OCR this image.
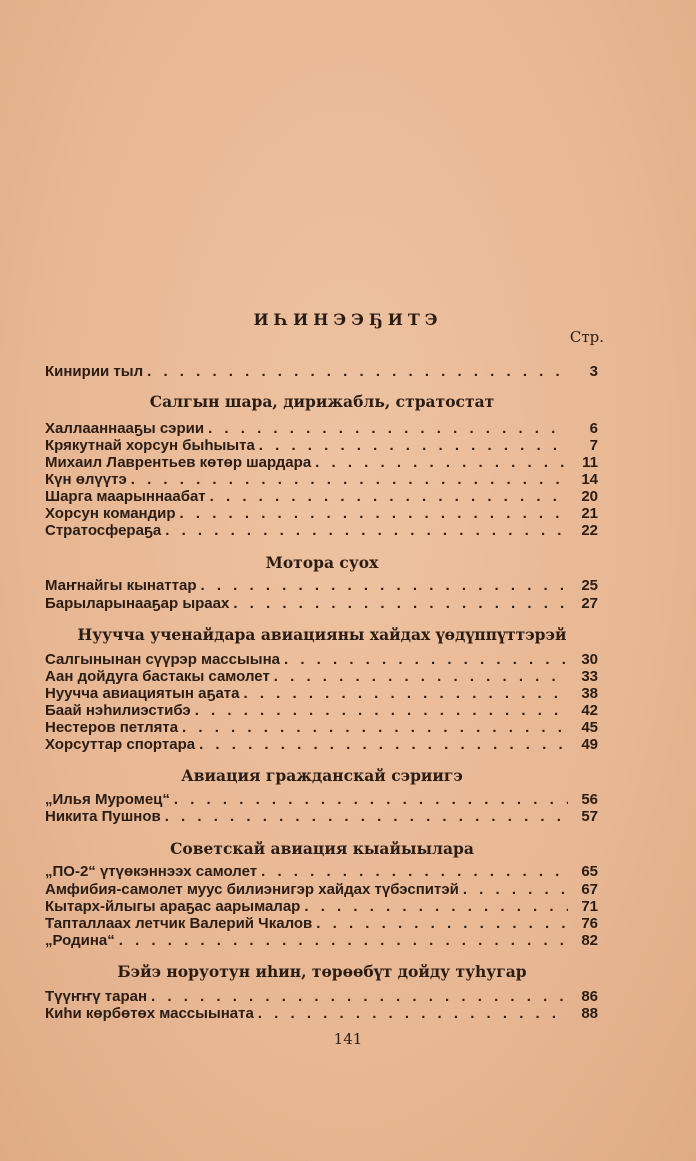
ИҺИНЭЭҔИТЭ
Стр.
Кинирии тыл . . .	3
Салгын шара, дирижабль, стратостат
Халлааннааҕы сэрии . . .	6
Крякутнай хорсун быһыыта . . .	7
Михаил Лаврентьев көтөр шардара . . .	11
Күн өлүүтэ . . .	14
Шарга маарыннаабат . . .	20
Хорсун командир . . .	21
Стратосфераҕа . . .	22
Мотора суох
Маҥнайгы кынаттар . . .	25
Барыларынааҕар ыраах . . .	27
Нуучча ученайдара авиацияны хайдах үөдүппүттэрэй
Салгынынан сүүрэр массыына . . .	30
Аан дойдуга бастакы самолет . . .	33
Нуучча авиациятын аҕата . . .	38
Баай нэһилиэстибэ . . .	42
Нестеров петлята . . .	45
Хорсуттар спортара . . .	49
Авиация гражданскай сэриигэ
„Илья Муромец“ . . .	56
Никита Пушнов . . .	57
Советскай авиация кыайыылара
„ПО-2“ үтүөкэннээх самолет . . .	65
Амфибия-самолет муус билиэнигэр хайдах түбэспитэй . . .	67
Кытарх-йлыгы араҕас аарымалар . . .	71
Тапталлаах летчик Валерий Чкалов . . .	76
„Родина“ . . .	82
Бэйэ норуотун иһин, төрөөбүт дойду туһугар
Түүҥҥү таран . . .	86
Киһи көрбөтөх массыыната . . .	88
141
